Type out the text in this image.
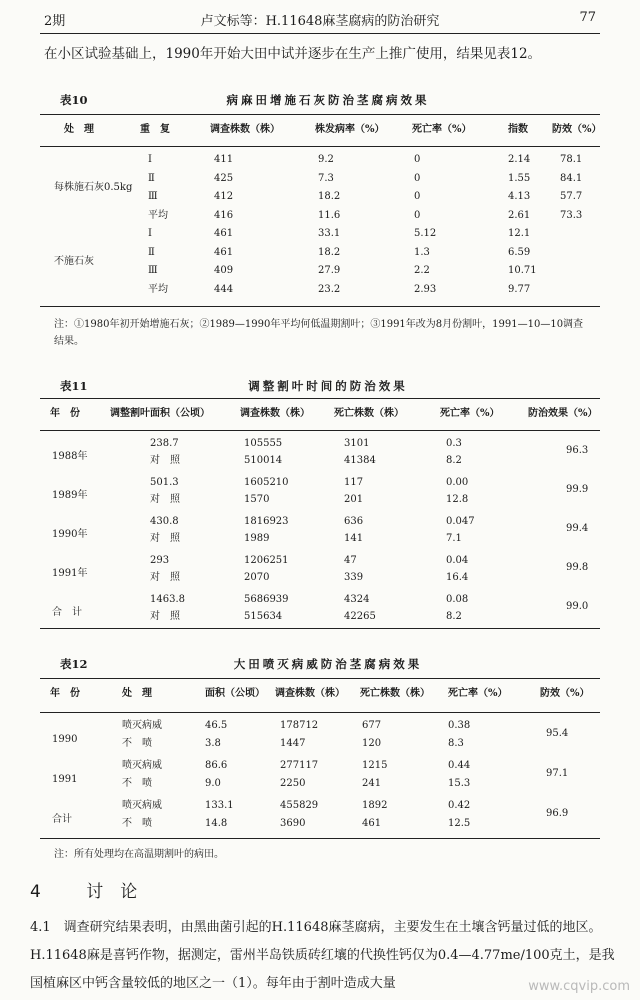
2期	卢文标等：H.11648麻茎腐病的防治研究	77
在小区试验基础上，1990年开始大田中试并逐步在生产上推广使用，结果见表12。
表10	病麻田增施石灰防治茎腐病效果
处　理	重　复	调查株数（株）	株发病率（%）	死亡率（%）	指数 防效（%）
每株施石灰0.5kg
Ⅰ	411	9.2	0	2.14	78.1
Ⅱ	425	7.3	0	1.55	84.1
Ⅲ	412	18.2	0	4.13	57.7
平均	416	11.6	0	2.61	73.3
不施石灰
Ⅰ	461	33.1	5.12	12.1
Ⅱ	461	18.2	1.3	6.59
Ⅲ	409	27.9	2.2	10.71
平均	444	23.2	2.93	9.77
注：①1980年初开始增施石灰；②1989—1990年平均何低温期割叶；③1991年改为8月份割叶，1991—10—10调查结果。
表11	调整割叶时间的防治效果
年　份	调整割叶面积（公顷）	调查株数（株） 死亡株数（株）	死亡率（%）	防治效果（%）
1988年
238.7	105555	3101	0.3
对　照	510014	41384	8.2
96.3
1989年
501.3	1605210	117	0.00
对　照	1570	201	12.8
99.9
1990年
430.8	1816923	636	0.047
对　照	1989	141	7.1
99.4
1991年
293	1206251	47	0.04
对　照	2070	339	16.4
99.8
合　计
1463.8	5686939	4324	0.08
对　照	515634	42265	8.2
99.0
表12	大田喷灭病威防治茎腐病效果
年　份	处　理	面积（公顷） 调查株数（株） 死亡株数（株） 死亡率（%）	防效（%）
1990
喷灭病威	46.5	178712	677	0.38
不　喷	3.8	1447	120	8.3
95.4
1991
喷灭病威	86.6	277117	1215	0.44
不　喷	9.0	2250	241	15.3
97.1
合计
喷灭病威	133.1	455829	1892	0.42
不　喷	14.8	3690	461	12.5
96.9
注：所有处理均在高温期割叶的病田。
4	讨　论
4.1　调查研究结果表明，由黑曲菌引起的H.11648麻茎腐病，主要发生在土壤含钙量过低的地区。H.11648麻是喜钙作物，据测定，雷州半岛铁质砖红壤的代换性钙仅为0.4—4.77me/100克土，是我国植麻区中钙含量较低的地区之一（1）。每年由于割叶造成大量	www.cqvip.com
